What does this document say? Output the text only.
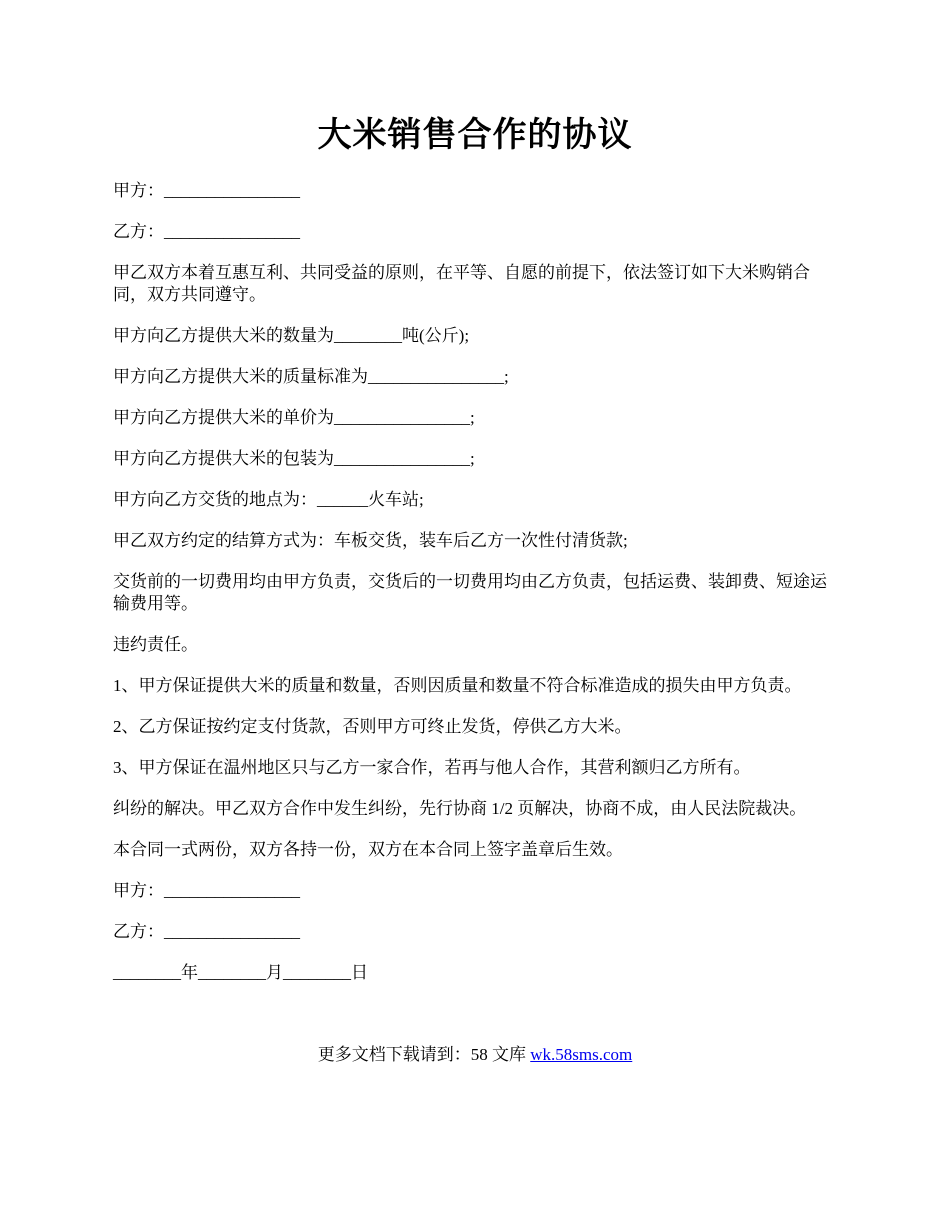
大米销售合作的协议

甲方：________________

乙方：________________

甲乙双方本着互惠互利、共同受益的原则，在平等、自愿的前提下，依法签订如下大米购销合同，双方共同遵守。

甲方向乙方提供大米的数量为________吨(公斤);

甲方向乙方提供大米的质量标准为________________;

甲方向乙方提供大米的单价为________________;

甲方向乙方提供大米的包装为________________;

甲方向乙方交货的地点为：______火车站;

甲乙双方约定的结算方式为：车板交货，装车后乙方一次性付清货款;

交货前的一切费用均由甲方负责，交货后的一切费用均由乙方负责，包括运费、装卸费、短途运输费用等。

违约责任。

1、甲方保证提供大米的质量和数量，否则因质量和数量不符合标准造成的损失由甲方负责。

2、乙方保证按约定支付货款，否则甲方可终止发货，停供乙方大米。

3、甲方保证在温州地区只与乙方一家合作，若再与他人合作，其营利额归乙方所有。

纠纷的解决。甲乙双方合作中发生纠纷，先行协商 1/2 页解决，协商不成，由人民法院裁决。

本合同一式两份，双方各持一份，双方在本合同上签字盖章后生效。

甲方：________________

乙方：________________

________年________月________日

更多文档下载请到：58 文库 wk.58sms.com
